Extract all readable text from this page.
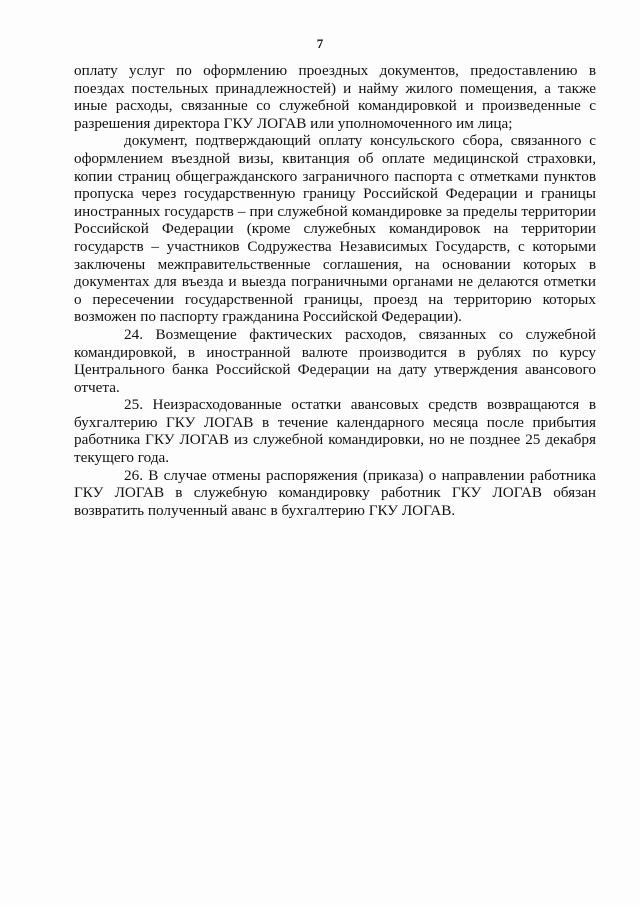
7

оплату услуг по оформлению проездных документов, предоставлению в поездах постельных принадлежностей) и найму жилого помещения, а также иные расходы, связанные со служебной командировкой и произведенные с разрешения директора ГКУ ЛОГАВ или уполномоченного им лица;

документ, подтверждающий оплату консульского сбора, связанного с оформлением въездной визы, квитанция об оплате медицинской страховки, копии страниц общегражданского заграничного паспорта с отметками пунктов пропуска через государственную границу Российской Федерации и границы иностранных государств – при служебной командировке за пределы территории Российской Федерации (кроме служебных командировок на территории государств – участников Содружества Независимых Государств, с которыми заключены межправительственные соглашения, на основании которых в документах для въезда и выезда пограничными органами не делаются отметки о пересечении государственной границы, проезд на территорию которых возможен по паспорту гражданина Российской Федерации).

24. Возмещение фактических расходов, связанных со служебной командировкой, в иностранной валюте производится в рублях по курсу Центрального банка Российской Федерации на дату утверждения авансового отчета.

25. Неизрасходованные остатки авансовых средств возвращаются в бухгалтерию ГКУ ЛОГАВ в течение календарного месяца после прибытия работника ГКУ ЛОГАВ из служебной командировки, но не позднее 25 декабря текущего года.

26. В случае отмены распоряжения (приказа) о направлении работника ГКУ ЛОГАВ в служебную командировку работник ГКУ ЛОГАВ обязан возвратить полученный аванс в бухгалтерию ГКУ ЛОГАВ.
